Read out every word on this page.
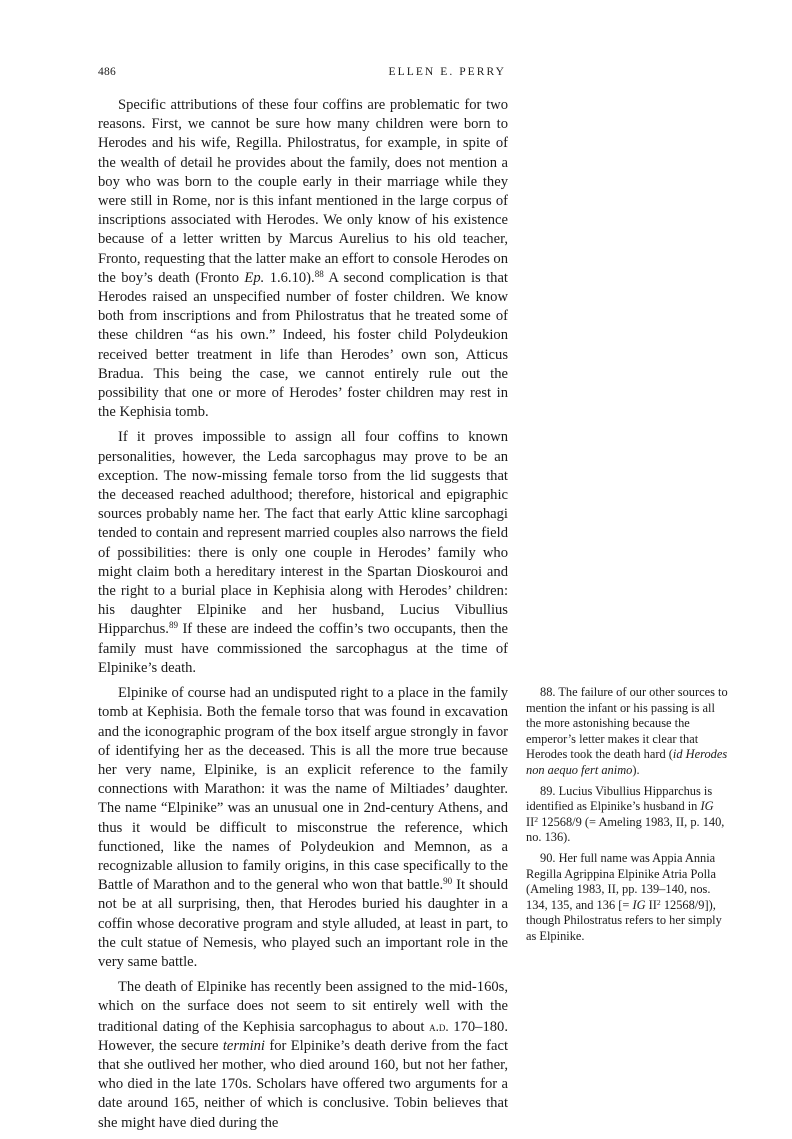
486	ELLEN E. PERRY

Specific attributions of these four coffins are problematic for two reasons. First, we cannot be sure how many children were born to Herodes and his wife, Regilla. Philostratus, for example, in spite of the wealth of detail he provides about the family, does not mention a boy who was born to the couple early in their marriage while they were still in Rome, nor is this infant mentioned in the large corpus of inscriptions associated with Herodes. We only know of his existence because of a letter written by Marcus Aurelius to his old teacher, Fronto, requesting that the latter make an effort to console Herodes on the boy’s death (Fronto Ep. 1.6.10).$^{88}$ A second complication is that Herodes raised an unspecified number of foster children. We know both from inscriptions and from Philostratus that he treated some of these children “as his own.” Indeed, his foster child Polydeukion received better treatment in life than Herodes’ own son, Atticus Bradua. This being the case, we cannot entirely rule out the possibility that one or more of Herodes’ foster children may rest in the Kephisia tomb.

If it proves impossible to assign all four coffins to known personalities, however, the Leda sarcophagus may prove to be an exception. The now-missing female torso from the lid suggests that the deceased reached adulthood; therefore, historical and epigraphic sources probably name her. The fact that early Attic kline sarcophagi tended to contain and represent married couples also narrows the field of possibilities: there is only one couple in Herodes’ family who might claim both a hereditary interest in the Spartan Dioskouroi and the right to a burial place in Kephisia along with Herodes’ children: his daughter Elpinike and her husband, Lucius Vibullius Hipparchus.$^{89}$ If these are indeed the coffin’s two occupants, then the family must have commissioned the sarcophagus at the time of Elpinike’s death.

Elpinike of course had an undisputed right to a place in the family tomb at Kephisia. Both the female torso that was found in excavation and the iconographic program of the box itself argue strongly in favor of identifying her as the deceased. This is all the more true because her very name, Elpinike, is an explicit reference to the family connections with Marathon: it was the name of Miltiades’ daughter. The name “Elpinike” was an unusual one in 2nd-century Athens, and thus it would be difficult to misconstrue the reference, which functioned, like the names of Polydeukion and Memnon, as a recognizable allusion to family origins, in this case specifically to the Battle of Marathon and to the general who won that battle.$^{90}$ It should not be at all surprising, then, that Herodes buried his daughter in a coffin whose decorative program and style alluded, at least in part, to the cult statue of Nemesis, who played such an important role in the very same battle.

The death of Elpinike has recently been assigned to the mid-160s, which on the surface does not seem to sit entirely well with the traditional dating of the Kephisia sarcophagus to about a.d. 170–180. However, the secure termini for Elpinike’s death derive from the fact that she outlived her mother, who died around 160, but not her father, who died in the late 170s. Scholars have offered two arguments for a date around 165, neither of which is conclusive. Tobin believes that she might have died during the

88. The failure of our other sources to mention the infant or his passing is all the more astonishing because the emperor’s letter makes it clear that Herodes took the death hard (id Herodes non aequo fert animo).

89. Lucius Vibullius Hipparchus is identified as Elpinike’s husband in IG $II^2$ 12568/9 (= Ameling 1983, II, p. 140, no. 136).

90. Her full name was Appia Annia Regilla Agrippina Elpinike Atria Polla (Ameling 1983, II, pp. 139–140, nos. 134, 135, and 136 [= IG $II^2$ 12568/9]), though Philostratus refers to her simply as Elpinike.
